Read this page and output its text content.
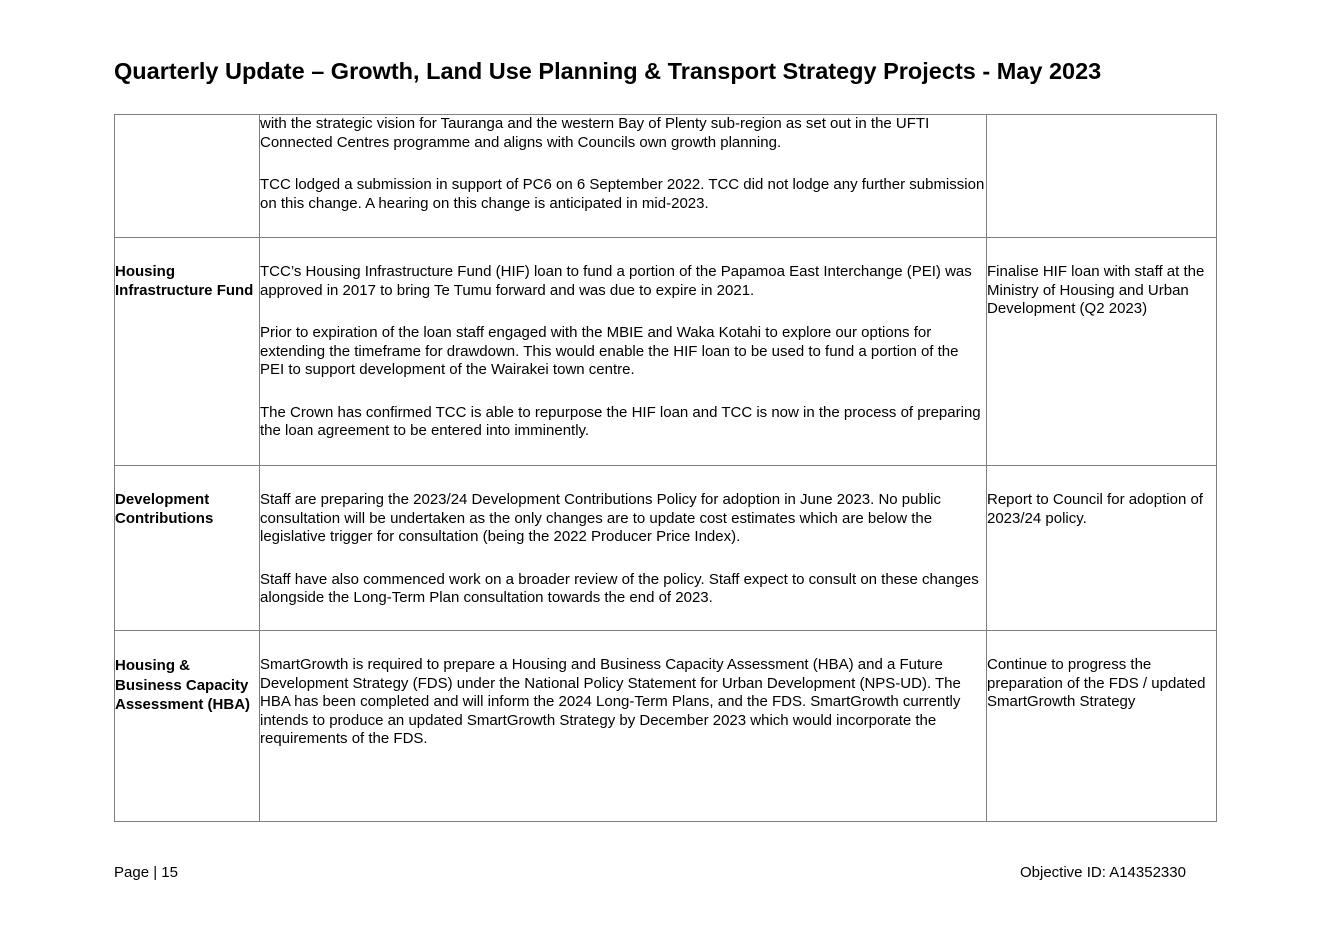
Quarterly Update – Growth, Land Use Planning & Transport Strategy Projects - May 2023

	with the strategic vision for Tauranga and the western Bay of Plenty sub-region as set out in the UFTI Connected Centres programme and aligns with Councils own growth planning.

TCC lodged a submission in support of PC6 on 6 September 2022. TCC did not lodge any further submission on this change. A hearing on this change is anticipated in mid-2023.	

Housing Infrastructure Fund	TCC’s Housing Infrastructure Fund (HIF) loan to fund a portion of the Papamoa East Interchange (PEI) was approved in 2017 to bring Te Tumu forward and was due to expire in 2021.

Prior to expiration of the loan staff engaged with the MBIE and Waka Kotahi to explore our options for extending the timeframe for drawdown. This would enable the HIF loan to be used to fund a portion of the PEI to support development of the Wairakei town centre.

The Crown has confirmed TCC is able to repurpose the HIF loan and TCC is now in the process of preparing the loan agreement to be entered into imminently.	Finalise HIF loan with staff at the Ministry of Housing and Urban Development (Q2 2023)
Development Contributions	Staff are preparing the 2023/24 Development Contributions Policy for adoption in June 2023. No public consultation will be undertaken as the only changes are to update cost estimates which are below the legislative trigger for consultation (being the 2022 Producer Price Index).

Staff have also commenced work on a broader review of the policy. Staff expect to consult on these changes alongside the Long-Term Plan consultation towards the end of 2023.	Report to Council for adoption of 2023/24 policy.

Housing & Business Capacity Assessment (HBA)	SmartGrowth is required to prepare a Housing and Business Capacity Assessment (HBA) and a Future Development Strategy (FDS) under the National Policy Statement for Urban Development (NPS-UD). The HBA has been completed and will inform the 2024 Long-Term Plans, and the FDS. SmartGrowth currently intends to produce an updated SmartGrowth Strategy by December 2023 which would incorporate the requirements of the FDS.	Continue to progress the preparation of the FDS / updated SmartGrowth Strategy
Page | 15	Objective ID: A14352330
